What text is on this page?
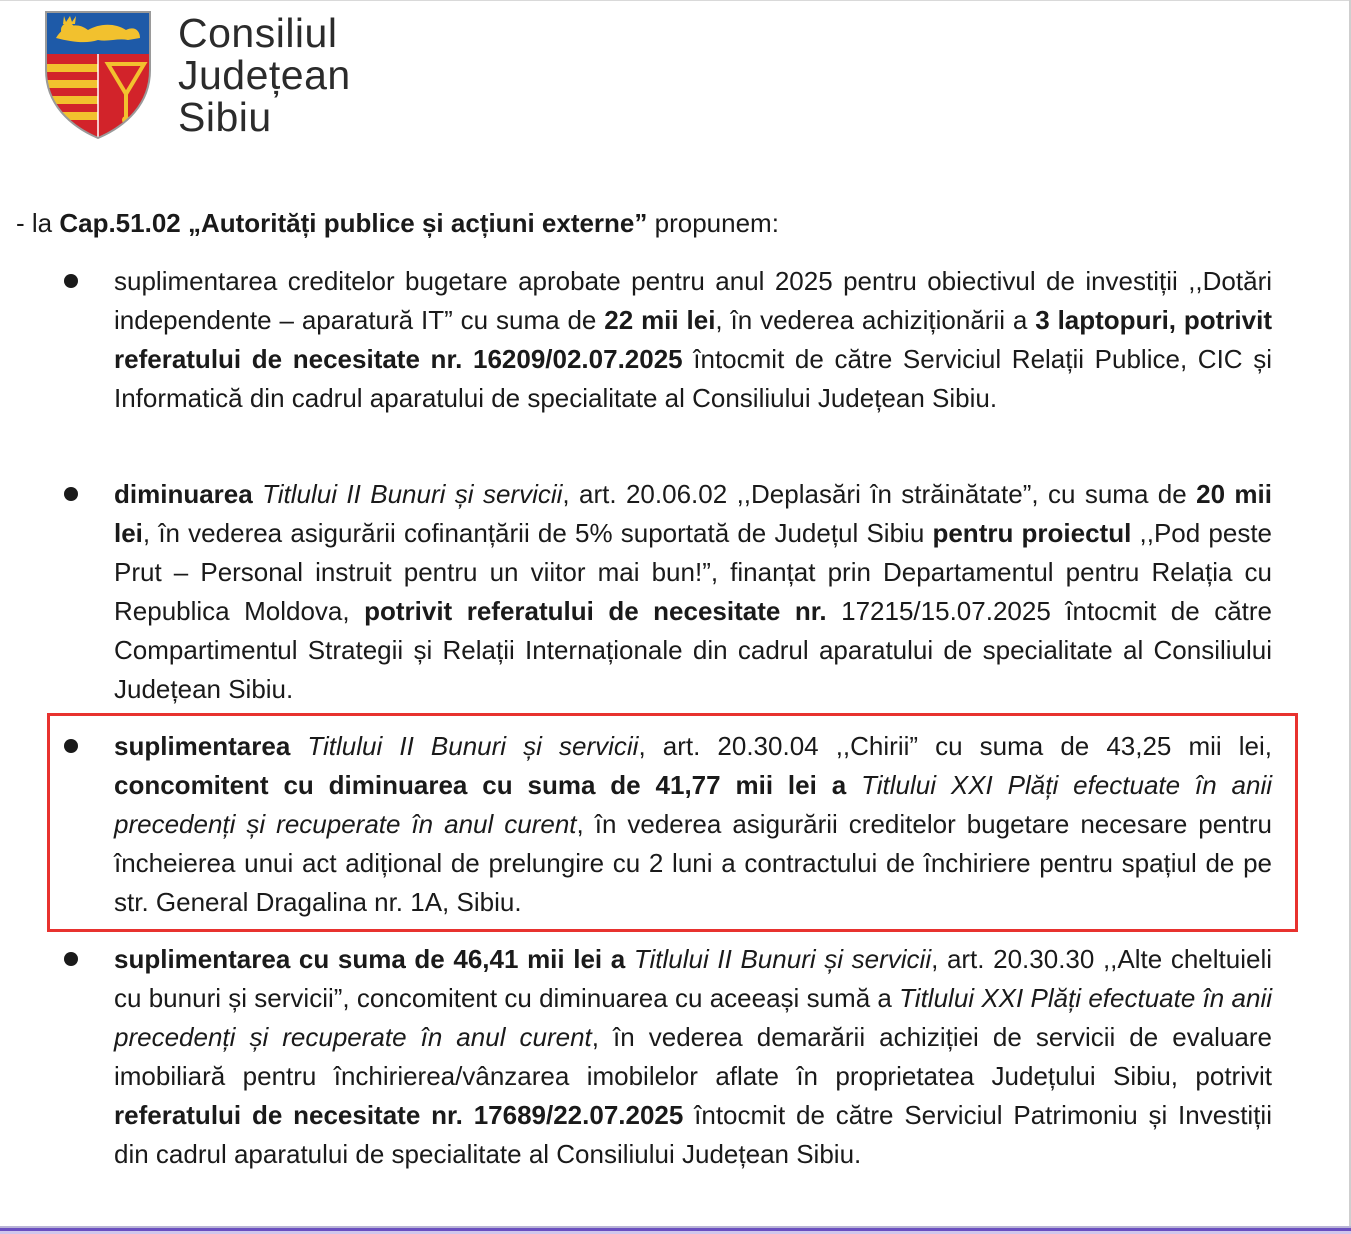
Consiliul
Județean
Sibiu
- la Cap.51.02 „Autorități publice și acțiuni externe” propunem:
suplimentarea creditelor bugetare aprobate pentru anul 2025 pentru obiectivul de investiții ,,Dotări independente – aparatură IT” cu suma de 22 mii lei, în vederea achiziționării a 3 laptopuri, potrivit referatului de necesitate nr. 16209/02.07.2025 întocmit de către Serviciul Relații Publice, CIC și Informatică din cadrul aparatului de specialitate al Consiliului Județean Sibiu.
diminuarea Titlului II Bunuri și servicii, art. 20.06.02 ,,Deplasări în străinătate”, cu suma de 20 mii lei, în vederea asigurării cofinanțării de 5% suportată de Județul Sibiu pentru proiectul ,,Pod peste Prut – Personal instruit pentru un viitor mai bun!”, finanțat prin Departamentul pentru Relația cu Republica Moldova, potrivit referatului de necesitate nr. 17215/15.07.2025 întocmit de către Compartimentul Strategii și Relații Internaționale din cadrul aparatului de specialitate al Consiliului Județean Sibiu.
suplimentarea Titlului II Bunuri și servicii, art. 20.30.04 ,,Chirii” cu suma de 43,25 mii lei, concomitent cu diminuarea cu suma de 41,77 mii lei a Titlului XXI Plăți efectuate în anii precedenți și recuperate în anul curent, în vederea asigurării creditelor bugetare necesare pentru încheierea unui act adițional de prelungire cu 2 luni a contractului de închiriere pentru spațiul de pe str. General Dragalina nr. 1A, Sibiu.
suplimentarea cu suma de 46,41 mii lei a Titlului II Bunuri și servicii, art. 20.30.30 ,,Alte cheltuieli cu bunuri și servicii”, concomitent cu diminuarea cu aceeași sumă a Titlului XXI Plăți efectuate în anii precedenți și recuperate în anul curent, în vederea demarării achiziției de servicii de evaluare imobiliară pentru închirierea/vânzarea imobilelor aflate în proprietatea Județului Sibiu, potrivit referatului de necesitate nr. 17689/22.07.2025 întocmit de către Serviciul Patrimoniu și Investiții din cadrul aparatului de specialitate al Consiliului Județean Sibiu.
